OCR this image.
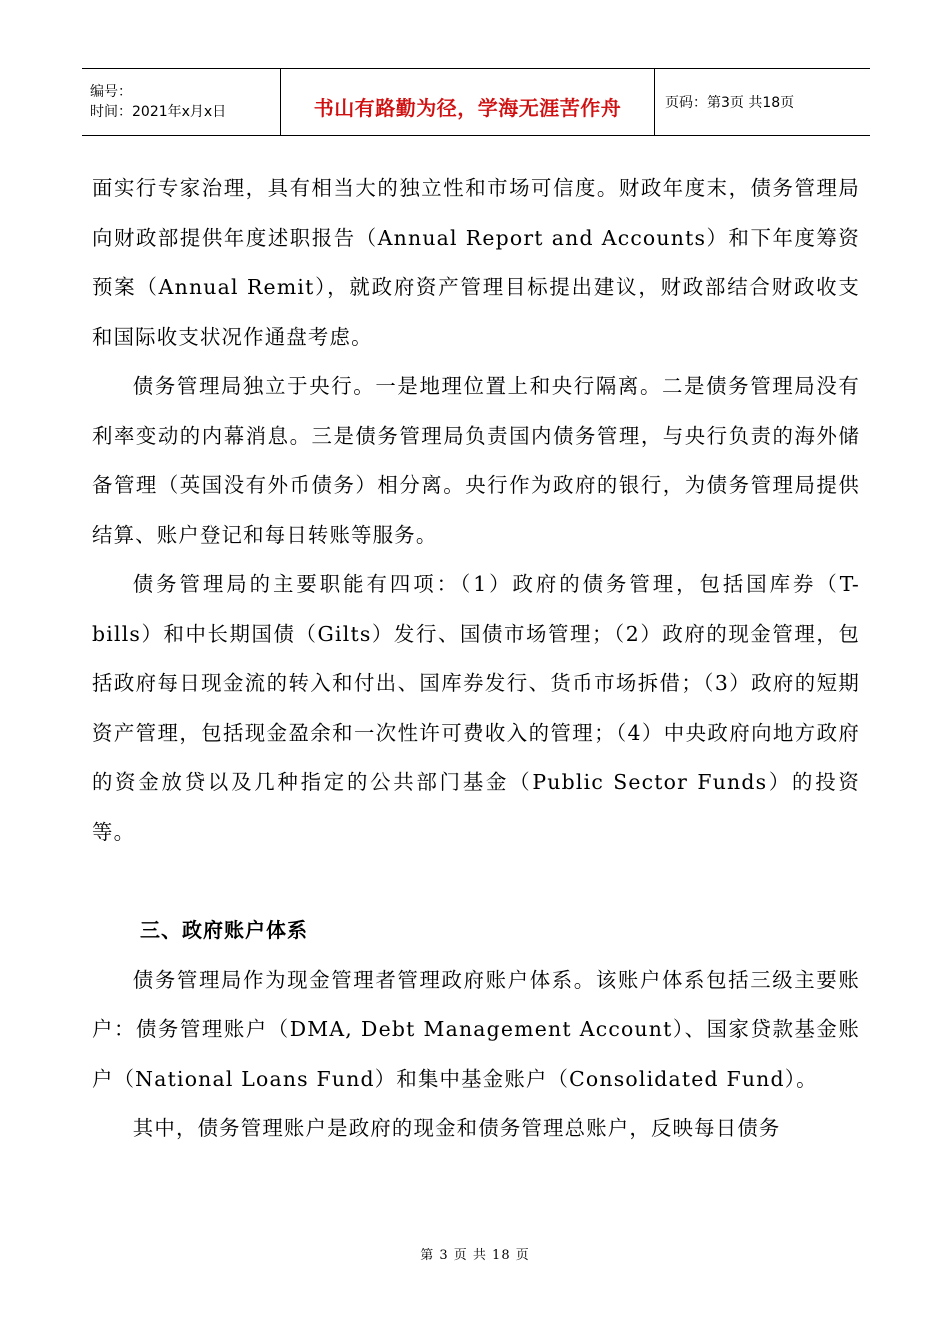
编号：
时间：2021年x月x日	书山有路勤为径，学海无涯苦作舟	页码：第3页 共18页

面实行专家治理，具有相当大的独立性和市场可信度。财政年度末，债务管理局向财政部提供年度述职报告（Annual Report and Accounts）和下年度筹资预案（Annual Remit），就政府资产管理目标提出建议，财政部结合财政收支和国际收支状况作通盘考虑。

债务管理局独立于央行。一是地理位置上和央行隔离。二是债务管理局没有利率变动的内幕消息。三是债务管理局负责国内债务管理，与央行负责的海外储备管理（英国没有外币债务）相分离。央行作为政府的银行，为债务管理局提供结算、账户登记和每日转账等服务。

债务管理局的主要职能有四项：（1）政府的债务管理，包括国库券（T-bills）和中长期国债（Gilts）发行、国债市场管理；（2）政府的现金管理，包括政府每日现金流的转入和付出、国库券发行、货币市场拆借；（3）政府的短期资产管理，包括现金盈余和一次性许可费收入的管理；（4）中央政府向地方政府的资金放贷以及几种指定的公共部门基金（Public Sector Funds）的投资等。

三、政府账户体系

债务管理局作为现金管理者管理政府账户体系。该账户体系包括三级主要账户：债务管理账户（DMA, Debt Management Account）、国家贷款基金账户（National Loans Fund）和集中基金账户（Consolidated Fund）。

其中，债务管理账户是政府的现金和债务管理总账户，反映每日债务

第 3 页 共 18 页
